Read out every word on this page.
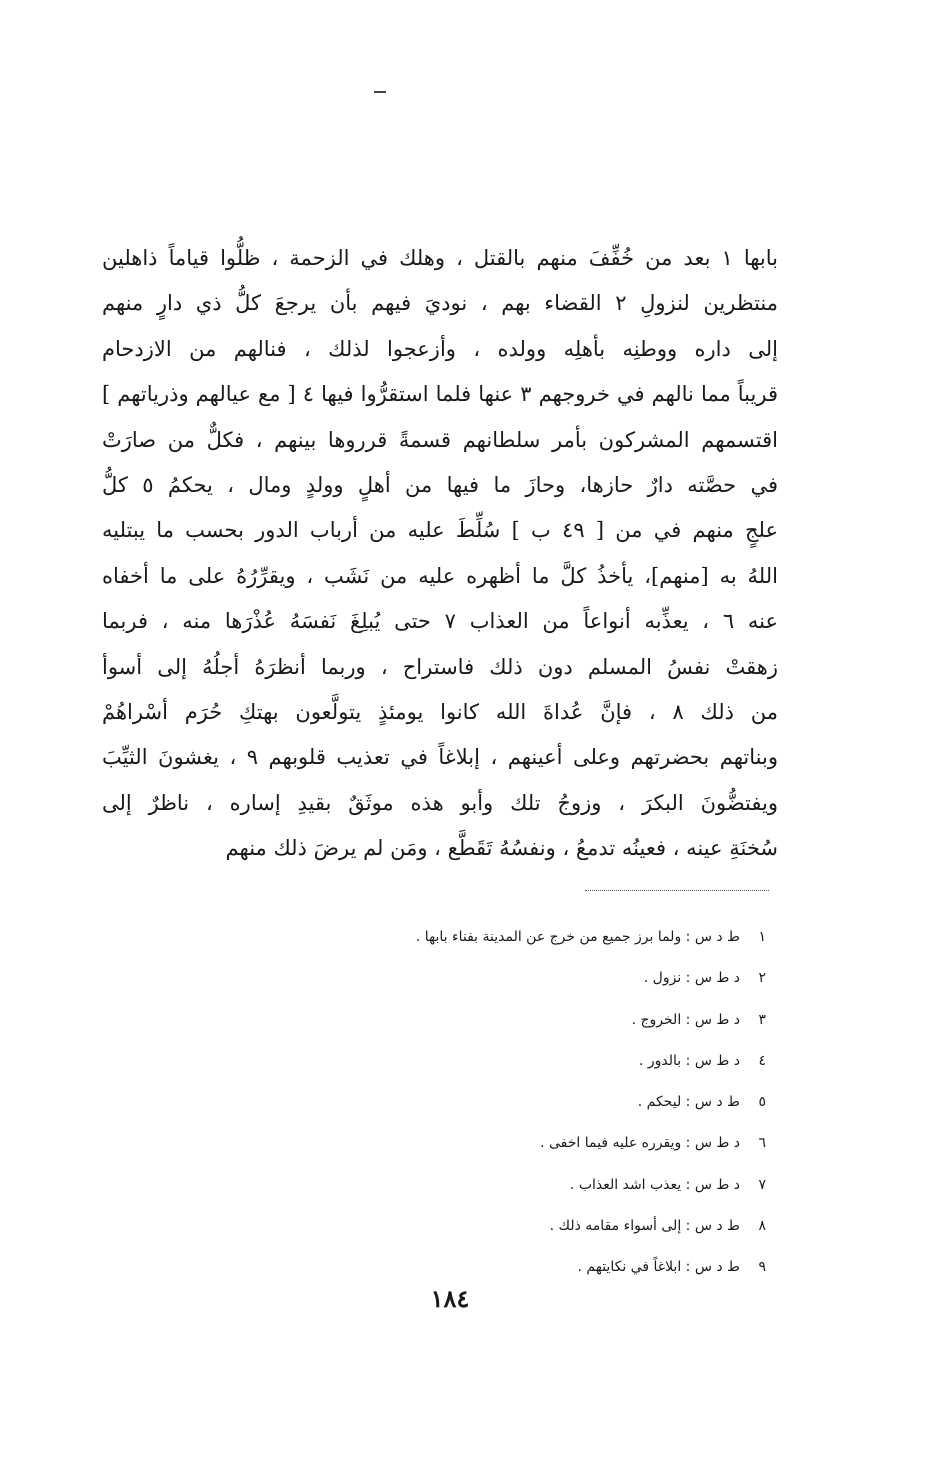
بابها ١ بعد من خُفِّفَ منهم بالقتل ، وهلك في الزحمة ، ظلُّوا قياماً ذاهلين
منتظرين لنزولِ ٢ القضاء بهم ، نوديَ فيهم بأن يرجعَ كلُّ ذي دارٍ منهم
إلى داره ووطنِه بأهلِه وولده ، وأزعجوا لذلك ، فنالهم من الازدحام
قريباً مما نالهم في خروجهم ٣ عنها فلما استقرُّوا فيها ٤ [ مع عيالهم وذرياتهم ]
اقتسمهم المشركون بأمر سلطانهم قسمةً قرروها بينهم ، فكلٌّ من صارَتْ
في حصَّته دارٌ حازها، وحازَ ما فيها من أهلٍ وولدٍ ومال ، يحكمُ ٥ كلُّ
علجٍ منهم في من [ ٤٩ ب ] سُلِّطَ عليه من أرباب الدور بحسب ما يبتليه
اللهُ به [منهم]، يأخذُ كلَّ ما أظهره عليه من نَشَب ، ويقرِّرُهُ على ما أخفاه
عنه ٦ ، يعذِّبه أنواعاً من العذاب ٧ حتى يُبلِغَ نَفسَهُ عُذْرَها منه ، فربما
زهقتْ نفسُ المسلم دون ذلك فاستراح ، وربما أنظرَهُ أجلُهُ إلى أسوأ
من ذلك ٨ ، فإنَّ عُداةَ الله كانوا يومئذٍ يتولَّعون بهتكِ حُرَم أسْراهُمْ
وبناتهم بحضرتهم وعلى أعينهم ، إبلاغاً في تعذيب قلوبهم ٩ ، يغشونَ الثيِّبَ
ويفتضُّونَ البكرَ ، وزوجُ تلك وأبو هذه موثَقٌ بقيدِ إساره ، ناظرٌ إلى
سُخنَةِ عينه ، فعينُه تدمعُ ، ونفسُهُ تَقَطَّع ، ومَن لم يرضَ ذلك منهم
١ط د س : ولما برز جميع من خرج عن المدينة بفناء بابها .
٢د ط س : نزول .
٣د ط س : الخروج .
٤د ط س : بالدور .
٥ط د س : ليحكم .
٦د ط س : ويقرره عليه فيما اخفى .
٧د ط س : يعذب اشد العذاب .
٨ط د س : إلى أسواء مقامه ذلك .
٩ط د س : ابلاغاً في نكايتهم .
١٨٤
